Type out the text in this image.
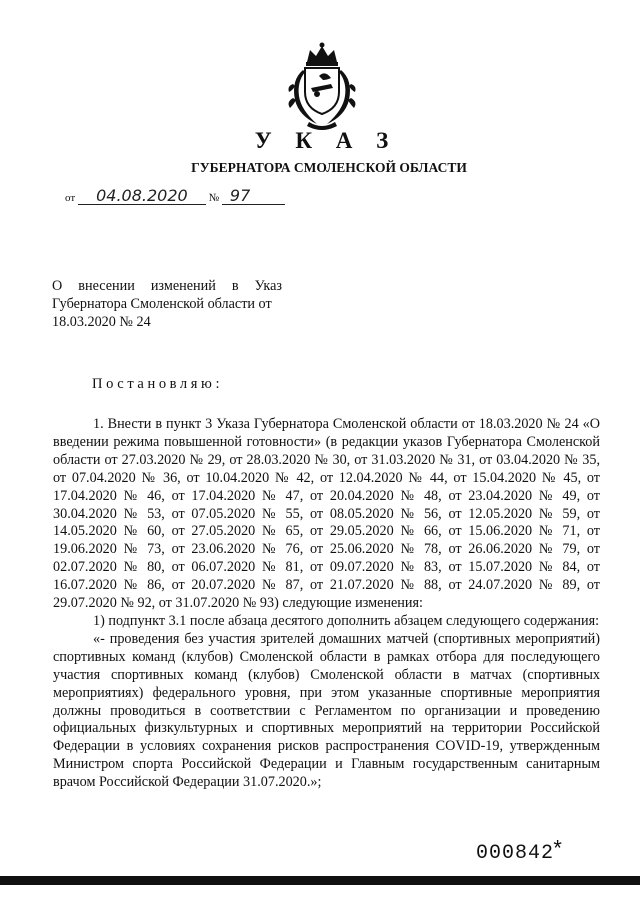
У К А З
ГУБЕРНАТОРА СМОЛЕНСКОЙ ОБЛАСТИ
от 04.08.2020 № 97
О внесении изменений в Указ
Губернатора Смоленской области от
18.03.2020 № 24
Постановляю:

1. Внести в пункт 3 Указа Губернатора Смоленской области от 18.03.2020 № 24 «О введении режима повышенной готовности» (в редакции указов Губернатора Смоленской области от 27.03.2020 № 29, от 28.03.2020 № 30, от 31.03.2020 № 31, от 03.04.2020 № 35, от 07.04.2020 № 36, от 10.04.2020 № 42, от 12.04.2020 № 44, от 15.04.2020 № 45, от 17.04.2020 № 46, от 17.04.2020 № 47, от 20.04.2020 № 48, от 23.04.2020 № 49, от 30.04.2020 № 53, от 07.05.2020 № 55, от 08.05.2020 № 56, от 12.05.2020 № 59, от 14.05.2020 № 60, от 27.05.2020 № 65, от 29.05.2020 № 66, от 15.06.2020 № 71, от 19.06.2020 № 73, от 23.06.2020 № 76, от 25.06.2020 № 78, от 26.06.2020 № 79, от 02.07.2020 № 80, от 06.07.2020 № 81, от 09.07.2020 № 83, от 15.07.2020 № 84, от 16.07.2020 № 86, от 20.07.2020 № 87, от 21.07.2020 № 88, от 24.07.2020 № 89, от 29.07.2020 № 92, от 31.07.2020 № 93) следующие изменения:

1) подпункт 3.1 после абзаца десятого дополнить абзацем следующего содержания:

«- проведения без участия зрителей домашних матчей (спортивных мероприятий) спортивных команд (клубов) Смоленской области в рамках отбора для последующего участия спортивных команд (клубов) Смоленской области в матчах (спортивных мероприятиях) федерального уровня, при этом указанные спортивные мероприятия должны проводиться в соответствии с Регламентом по организации и проведению официальных физкультурных и спортивных мероприятий на территории Российской Федерации в условиях сохранения рисков распространения COVID-19, утвержденным Министром спорта Российской Федерации и Главным государственным санитарным врачом Российской Федерации 31.07.2020.»;

000842
*
